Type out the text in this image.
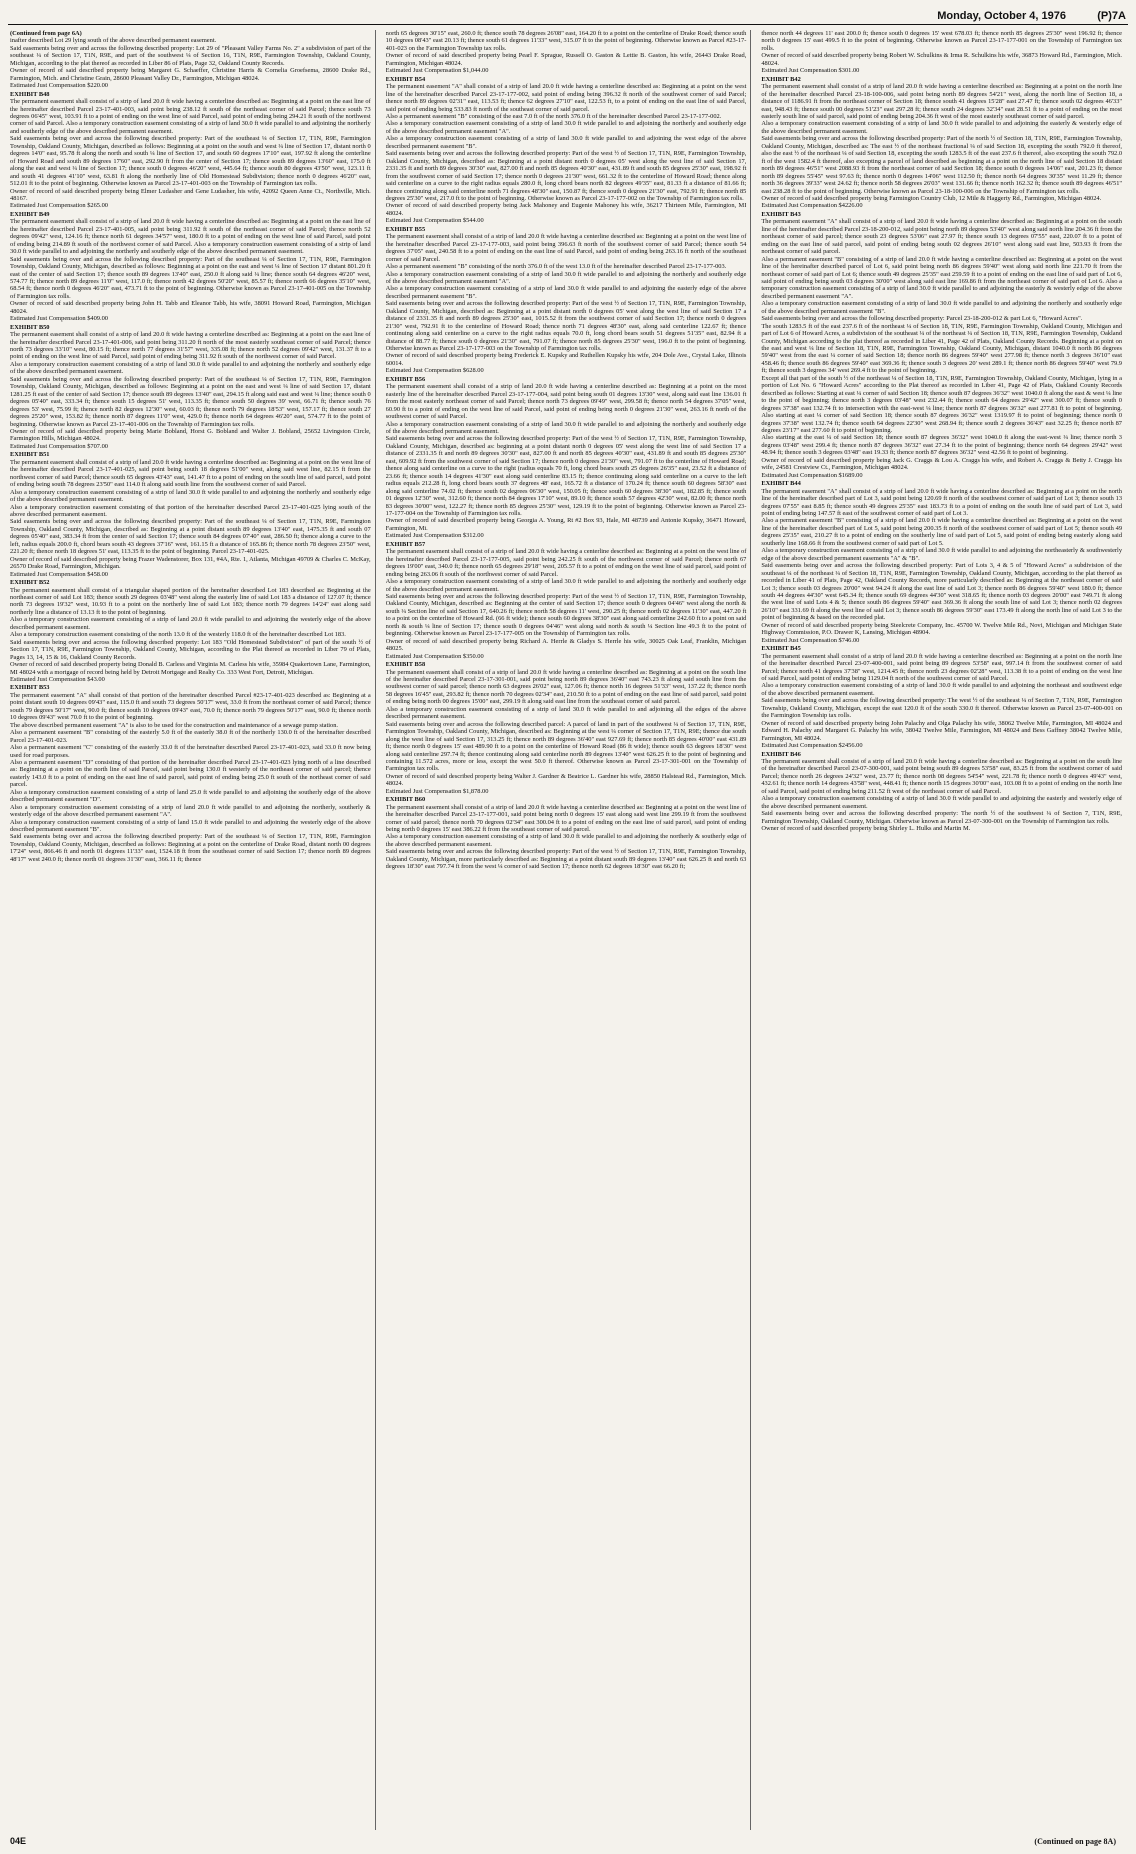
Monday, October 4, 1976	(P)7A

(Continued from page 6A)

inafter described Lot 29 lying south of the above described permanent easement.

Said easements being over and across the following described property: Lot 29 of "Pleasant Valley Farms No. 2" a subdivision of part of the southeast ¼ of Section 17, T1N, R9E, and part of the southwest ¼ of Section 16, T1N, R9E, Farmington Township, Oakland County, Michigan, according to the plat thereof as recorded in Liber 86 of Plats, Page 32, Oakland County Records.

Owner of record of said described property being Margaret G. Schaeffer, Christine Harris & Cornelia Groefsema, 28600 Drake Rd., Farmington, Mich. and Christine Grain, 28600 Pleasant Valley Dr., Farmington, Michigan 48024.

Estimated Just Compensation $220.00

EXHIBIT B48

The permanent easement shall consist of a strip of land 20.0 ft wide having a centerline described as: Beginning at a point on the east line of the hereinafter described Parcel 23-17-401-003, said point being 238.12 ft south of the northeast corner of said Parcel; thence south 73 degrees 06'45" west, 103.91 ft to a point of ending on the west line of said Parcel, said point of ending being 294.21 ft south of the northwest corner of said Parcel. Also a temporary construction easement consisting of a strip of land 30.0 ft wide parallel to and adjoining the northerly and southerly edge of the above described permanent easement.

Said easements being over and across the following described property: Part of the southeast ¼ of Section 17, T1N, R9E, Farmington Township, Oakland County, Michigan, described as follows: Beginning at a point on the south and west ¼ line of Section 17, distant north 0 degrees 14'0" east, 95.78 ft along the north and south ¼ line of Section 17, and south 60 degrees 17'10" east, 197.92 ft along the centerline of Howard Road and south 89 degrees 17'60" east, 292.90 ft from the center of Section 17; thence south 89 degrees 13'60" east, 175.0 ft along the east and west ¼ line of Section 17; thence south 0 degrees 46'20" west, 445.64 ft; thence south 80 degrees 43'50" west, 123.11 ft and south 41 degrees 41'10" west, 63.81 ft along the northerly line of Old Homestead Subdivision; thence north 0 degrees 46'20" east, 512.01 ft to the point of beginning. Otherwise known as Parcel 23-17-401-003 on the Township of Farmington tax rolls.

Owner of record of said described property being Elmer Ludasher and Gene Ludasher, his wife, 42092 Queen Anne Ct., Northville, Mich. 48167.

Estimated Just Compensation $265.00

EXHIBIT B49

The permanent easement shall consist of a strip of land 20.0 ft wide having a centerline described as: Beginning at a point on the east line of the hereinafter described Parcel 23-17-401-005, said point being 311.92 ft south of the northeast corner of said Parcel; thence north 52 degrees 09'42" west, 124.16 ft; thence north 61 degrees 34'57" west, 180.0 ft to a point of ending on the west line of said Parcel, said point of ending being 214.89 ft south of the northwest corner of said Parcel. Also a temporary construction easement consisting of a strip of land 30.0 ft wide parallel to and adjoining the northerly and southerly edge of the above described permanent easement.

Said easements being over and across the following described property: Part of the southeast ¼ of Section 17, T1N, R9E, Farmington Township, Oakland County, Michigan, described as follows: Beginning at a point on the east and west ¼ line of Section 17 distant 801.20 ft east of the center of said Section 17; thence south 89 degrees 13'40" east, 250.0 ft along said ¼ line; thence south 64 degrees 46'20" west, 574.77 ft; thence north 89 degrees 11'0" west, 117.0 ft; thence north 42 degrees 50'20" west, 85.57 ft; thence north 66 degrees 35'10" west, 68.54 ft; thence north 0 degrees 46'20" east, 473.71 ft to the point of beginning. Otherwise known as Parcel 23-17-401-005 on the Township of Farmington tax rolls.

Owner of record of said described property being John H. Tabb and Eleanor Tabb, his wife, 38091 Howard Road, Farmington, Michigan 48024.

Estimated Just Compensation $409.00

EXHIBIT B50

The permanent easement shall consist of a strip of land 20.0 ft wide having a centerline described as: Beginning at a point on the east line of the hereinafter described Parcel 23-17-401-006, said point being 311.20 ft north of the most easterly southeast corner of said Parcel; thence north 73 degrees 33'10" west, 80.15 ft; thence north 77 degrees 31'57" west, 335.08 ft; thence north 52 degrees 09'42" west, 131.37 ft to a point of ending on the west line of said Parcel, said point of ending being 311.92 ft south of the northwest corner of said Parcel.

Also a temporary construction easement consisting of a strip of land 30.0 ft wide parallel to and adjoining the northerly and southerly edge of the above described permanent easement.

Said easements being over and across the following described property: Part of the southeast ¼ of Section 17, T1N, R9E, Farmington Township, Oakland County, Michigan, described as follows: Beginning at a point on the east and west ¼ line of said Section 17, distant 1281.25 ft east of the center of said Section 17; thence south 89 degrees 13'40" east, 294.15 ft along said east and west ¼ line; thence south 0 degrees 05'40" east, 333.34 ft; thence south 15 degrees 51' west, 113.35 ft; thence south 50 degrees 39' west, 66.71 ft; thence south 76 degrees 53' west, 75.99 ft; thence north 82 degrees 12'30" west, 60.03 ft; thence north 79 degrees 18'53" west, 157.17 ft; thence south 27 degrees 25'20" west, 153.82 ft; thence north 87 degrees 11'0" west, 429.0 ft; thence north 64 degrees 46'20" east, 574.77 ft to the point of beginning. Otherwise known as Parcel 23-17-401-006 on the Township of Farmington tax rolls.

Owner of record of said described property being Marie Bobland, Horst G. Bobland and Walter J. Bobland, 25652 Livingston Circle, Farmington Hills, Michigan 48024.

Estimated Just Compensation $707.00

EXHIBIT B51

The permanent easement shall consist of a strip of land 20.0 ft wide having a centerline described as: Beginning at a point on the west line of the hereinafter described Parcel 23-17-401-025, said point being south 18 degrees 51'00" west, along said west line, 82.15 ft from the northwest corner of said Parcel; thence south 65 degrees 43'43" east, 141.47 ft to a point of ending on the south line of said parcel, said point of ending being south 78 degrees 23'50" east 114.0 ft along said south line from the southwest corner of said Parcel.

Also a temporary construction easement consisting of a strip of land 30.0 ft wide parallel to and adjoining the northerly and southerly edge of the above described permanent easement.

Also a temporary construction easement consisting of that portion of the hereinafter described Parcel 23-17-401-025 lying south of the above described permanent easement.

Said easements being over and across the following described property: Part of the southeast ¼ of Section 17, T1N, R9E, Farmington Township, Oakland County, Michigan, described as: Beginning at a point distant south 89 degrees 13'40" east, 1475.35 ft and south 07 degrees 05'40" east, 383.34 ft from the center of said Section 17; thence south 84 degrees 07'40" east, 286.50 ft; thence along a curve to the left, radius equals 200.0 ft, chord bears south 43 degrees 37'16" west, 161.15 ft a distance of 165.86 ft; thence north 78 degrees 23'50" west, 221.20 ft; thence north 18 degrees 51' east, 113.35 ft to the point of beginning. Parcel 23-17-401-025.

Owner of record of said described property being Frazer Wadenstorer, Box 131, #4A, Rte. 1, Atlanta, Michigan 49709 & Charles C. McKay, 26570 Drake Road, Farmington, Michigan.

Estimated Just Compensation $458.00

EXHIBIT B52

The permanent easement shall consist of a triangular shaped portion of the hereinafter described Lot 183 described as: Beginning at the northeast corner of said Lot 183; thence south 29 degrees 03'48" west along the easterly line of said Lot 183 a distance of 127.07 ft; thence north 73 degrees 19'32" west, 10.93 ft to a point on the northerly line of said Lot 183; thence north 79 degrees 14'24" east along said northerly line a distance of 13.13 ft to the point of beginning.

Also a temporary construction easement consisting of a strip of land 20.0 ft wide parallel to and adjoining the westerly edge of the above described permanent easement.

Also a temporary construction easement consisting of the north 13.0 ft of the westerly 118.0 ft of the hereinafter described Lot 183.

Said easements being over and across the following described property: Lot 183 "Old Homestead Subdivision" of part of the south ½ of Section 17, T1N, R9E, Farmington Township, Oakland County, Michigan, according to the Plat thereof as recorded in Liber 79 of Plats, Pages 13, 14, 15 & 16, Oakland County Records.

Owner of record of said described property being Donald B. Carless and Virginia M. Carless his wife, 35984 Quakertown Lane, Farmington, MI 48024 with a mortgage of record being held by Detroit Mortgage and Realty Co. 333 West Fort, Detroit, Michigan.

Estimated Just Compensation $43.00

EXHIBIT B53

The permanent easement "A" shall consist of that portion of the hereinafter described Parcel #23-17-401-023 described as: Beginning at a point distant south 10 degrees 09'43" east, 115.0 ft and south 73 degrees 50'17" west, 33.0 ft from the northeast corner of said Parcel; thence south 79 degrees 50'17" west, 90.0 ft; thence south 10 degrees 09'43" east, 70.0 ft; thence north 79 degrees 50'17" east, 90.0 ft; thence north 10 degrees 09'43" west 70.0 ft to the point of beginning.

The above described permanent easement "A" is also to be used for the construction and maintenance of a sewage pump station.

Also a permanent easement "B" consisting of the easterly 5.0 ft of the easterly 38.0 ft of the northerly 130.0 ft of the hereinafter described Parcel 23-17-401-023.

Also a permanent easement "C" consisting of the easterly 33.0 ft of the hereinafter described Parcel 23-17-401-023, said 33.0 ft now being used for road purposes.

Also a permanent easement "D" consisting of that portion of the hereinafter described Parcel 23-17-401-023 lying north of a line described as: Beginning at a point on the north line of said Parcel, said point being 130.0 ft westerly of the northeast corner of said parcel; thence easterly 143.0 ft to a point of ending on the east line of said parcel, said point of ending being 25.0 ft south of the northeast corner of said parcel.

Also a temporary construction easement consisting of a strip of land 25.0 ft wide parallel to and adjoining the southerly edge of the above described permanent easement "D".

Also a temporary construction easement consisting of a strip of land 20.0 ft wide parallel to and adjoining the northerly, southerly & westerly edge of the above described permanent easement "A".

Also a temporary construction easement consisting of a strip of land 15.0 ft wide parallel to and adjoining the westerly edge of the above described permanent easement "B".

Said easements being over and across the following described property: Part of the southeast ¼ of Section 17, T1N, R9E, Farmington Township, Oakland County, Michigan, described as follows: Beginning at a point on the centerline of Drake Road, distant north 00 degrees 17'24" west, 866.46 ft and north 01 degrees 11'33" east, 1524.18 ft from the southeast corner of said Section 17; thence north 89 degrees 48'17" west 240.0 ft; thence north 01 degrees 31'30" east, 366.11 ft; thence

north 65 degrees 30'15" east, 260.0 ft; thence south 78 degrees 26'08" east, 164.20 ft to a point on the centerline of Drake Road; thence south 10 degrees 08'43" east 20.13 ft; thence south 61 degrees 11'33" west, 315.07 ft to the point of beginning. Otherwise known as Parcel #23-17-401-023 on the Farmington Township tax rolls.

Owner of record of said described property being Pearl F. Sprague, Russell O. Gaston & Lettie B. Gaston, his wife, 26443 Drake Road, Farmington, Michigan 48024.

Estimated Just Compensation $1,044.00

EXHIBIT B54

The permanent easement "A" shall consist of a strip of land 20.0 ft wide having a centerline described as: Beginning at a point on the west line of the hereinafter described Parcel 23-17-177-002, said point of ending being 396.32 ft north of the southwest corner of said Parcel; thence north 89 degrees 02'31" east, 113.53 ft; thence 62 degrees 27'10" east, 122.53 ft, to a point of ending on the east line of said Parcel, said point of ending being 533.83 ft north of the southeast corner of said parcel.

Also a permanent easement "B" consisting of the east 7.0 ft of the north 376.0 ft of the hereinafter described Parcel 23-17-177-002.

Also a temporary construction easement consisting of a strip of land 30.0 ft wide parallel to and adjoining the northerly and southerly edge of the above described permanent easement "A".

Also a temporary construction easement consisting of a strip of land 30.0 ft wide parallel to and adjoining the west edge of the above described permanent easement "B".

Said easements being over and across the following described property: Part of the west ½ of Section 17, T1N, R9E, Farmington Township, Oakland County, Michigan, described as: Beginning at a point distant north 0 degrees 05' west along the west line of said Section 17, 2331.35 ft and north 89 degrees 30'30" east, 827.00 ft and north 85 degrees 40'30" east, 431.89 ft and south 85 degrees 25'30" east, 198.92 ft from the southwest corner of said Section 17; thence north 0 degrees 21'30" west, 661.32 ft to the centerline of Howard Road; thence along said centerline on a curve to the right radius equals 280.0 ft, long chord bears north 82 degrees 49'35" east, 81.33 ft a distance of 81.66 ft; thence continuing along said centerline north 71 degrees 48'30" east, 150.87 ft; thence south 0 degrees 21'30" east, 792.91 ft; thence north 85 degrees 25'30" west, 217.0 ft to the point of beginning. Otherwise known as Parcel 23-17-177-002 on the Township of Farmington tax rolls.

Owner of record of said described property being Jack Mahoney and Eugenie Mahoney his wife, 36217 Thirteen Mile, Farmington, MI 48024.

Estimated Just Compensation $544.00

EXHIBIT B55

The permanent easement shall consist of a strip of land 20.0 ft wide having a centerline described as: Beginning at a point on the west line of the hereinafter described Parcel 23-17-177-003, said point being 396.63 ft north of the southwest corner of said Parcel; thence south 54 degrees 37'05" east, 240.58 ft to a point of ending on the east line of said Parcel, said point of ending being 263.16 ft north of the southeast corner of said Parcel.

Also a permanent easement "B" consisting of the north 376.0 ft of the west 13.0 ft of the hereinafter described Parcel 23-17-177-003.

Also a temporary construction easement consisting of a strip of land 30.0 ft wide parallel to and adjoining the northerly and southerly edge of the above described permanent easement "A".

Also a temporary construction easement consisting of a strip of land 30.0 ft wide parallel to and adjoining the easterly edge of the above described permanent easement "B".

Said easements being over and across the following described property: Part of the west ½ of Section 17, T1N, R9E, Farmington Township, Oakland County, Michigan, described as: Beginning at a point distant north 0 degrees 05' west along the west line of said Section 17 a distance of 2331.35 ft and north 89 degrees 25'30" east, 1015.52 ft from the southwest corner of said Section 17; thence north 0 degrees 21'30" west, 792.91 ft to the centerline of Howard Road; thence north 71 degrees 48'30" east, along said centerline 122.67 ft; thence continuing along said centerline on a curve to the right radius equals 70.0 ft, long chord bears south 51 degrees 51'35" east, 82.94 ft a distance of 88.77 ft; thence south 0 degrees 21'30" east, 791.07 ft; thence north 85 degrees 25'30" west, 196.0 ft to the point of beginning. Otherwise known as Parcel 23-17-177-003 on the Township of Farmington tax rolls.

Owner of record of said described property being Frederick E. Kupsky and Ruthellen Kupsky his wife, 204 Dole Ave., Crystal Lake, Illinois 60014.

Estimated Just Compensation $628.00

EXHIBIT B56

The permanent easement shall consist of a strip of land 20.0 ft wide having a centerline described as: Beginning at a point on the most easterly line of the hereinafter described Parcel 23-17-177-004, said point being south 01 degrees 13'30" west, along said east line 136.01 ft from the most easterly northeast corner of said Parcel; thence north 73 degrees 09'49" west, 299.58 ft; thence north 54 degrees 37'05" west, 60.90 ft to a point of ending on the west line of said Parcel, said point of ending being north 0 degrees 21'30" west, 263.16 ft north of the southwest corner of said Parcel.

Also a temporary construction easement consisting of a strip of land 30.0 ft wide parallel to and adjoining the northerly and southerly edge of the above described permanent easement.

Said easements being over and across the following described property: Part of the west ½ of Section 17, T1N, R9E, Farmington Township, Oakland County, Michigan, described as: beginning at a point distant north 0 degrees 05' west along the west line of said Section 17 a distance of 2331.35 ft and north 89 degrees 30'30" east, 827.00 ft and north 85 degrees 40'30" east, 431.89 ft and south 85 degrees 25'30" east, 609.92 ft from the southwest corner of said Section 17; thence north 0 degrees 21'30" west, 791.07 ft to the centerline of Howard Road; thence along said centerline on a curve to the right (radius equals 70 ft, long chord bears south 25 degrees 26'35" east, 23.52 ft a distance of 23.66 ft; thence south 14 degrees 41'30" east along said centerline 83.15 ft; thence continuing along said centerline on a curve to the left radius equals 212.28 ft, long chord bears south 37 degrees 48' east, 165.72 ft a distance of 170.24 ft; thence south 60 degrees 58'30" east along said centerline 74.02 ft; thence south 02 degrees 06'30" west, 150.05 ft; thence south 60 degrees 38'30" east, 182.85 ft; thence south 01 degrees 12'30" west, 312.60 ft; thence north 84 degrees 17'10" west, 89.10 ft; thence south 57 degrees 42'30" west, 82.00 ft; thence north 83 degrees 30'00" west, 122.27 ft; thence north 85 degrees 25'30" west, 129.19 ft to the point of beginning. Otherwise known as Parcel 23-17-177-004 on the Township of Farmington tax rolls.

Owner of record of said described property being Georgia A. Young, Rt #2 Box 93, Hale, MI 48739 and Antonie Kupsky, 36471 Howard, Farmington, Mi.

Estimated Just Compensation $312.00

EXHIBIT B57

The permanent easement shall consist of a strip of land 20.0 ft wide having a centerline described as: Beginning at a point on the west line of the hereinafter described Parcel 23-17-177-005, said point being 242.25 ft south of the northwest corner of said Parcel; thence north 67 degrees 19'00" east, 340.0 ft; thence north 65 degrees 29'18" west, 205.57 ft to a point of ending on the west line of said parcel, said point of ending being 263.06 ft south of the northwest corner of said Parcel.

Also a temporary construction easement consisting of a strip of land 30.0 ft wide parallel to and adjoining the northerly and southerly edge of the above described permanent easement.

Said easements being over and across the following described property: Part of the west ½ of Section 17, T1N, R9E, Farmington Township, Oakland County, Michigan, described as: Beginning at the center of said Section 17; thence south 0 degrees 04'46" west along the north & south ¼ Section line of said Section 17, 640.26 ft; thence north 58 degrees 11' west, 290.25 ft; thence north 02 degrees 11'30" east, 447.20 ft to a point on the centerline of Howard Rd. (66 ft wide); thence south 60 degrees 38'30" east along said centerline 242.60 ft to a point on said north & south ¼ line of Section 17; thence south 0 degrees 04'46" west along said north & south ¼ Section line 49.3 ft to the point of beginning. Otherwise known as Parcel 23-17-177-005 on the Township of Farmington tax rolls.

Owner of record of said described property being Richard A. Herrle & Gladys S. Herrle his wife, 30025 Oak Leaf, Franklin, Michigan 48025.

Estimated Just Compensation $350.00

EXHIBIT B58

The permanent easement shall consist of a strip of land 20.0 ft wide having a centerline described as: Beginning at a point on the south line of the hereinafter described Parcel 23-17-301-001, said point being north 89 degrees 36'40" east 743.23 ft along said south line from the southwest corner of said parcel; thence north 63 degrees 26'02" east, 127.06 ft; thence north 16 degrees 51'33" west, 137.22 ft; thence north 58 degrees 16'45" east, 293.82 ft; thence north 70 degrees 02'34" east, 210.50 ft to a point of ending on the east line of said parcel, said point of ending being north 00 degrees 15'00" east, 299.19 ft along said east line from the southeast corner of said parcel.

Also a temporary construction easement consisting of a strip of land 30.0 ft wide parallel to and adjoining all the edges of the above described permanent easement.

Said easements being over and across the following described parcel: A parcel of land in part of the southwest ¼ of Section 17, T1N, R9E, Farmington Township, Oakland County, Michigan, described as: Beginning at the west ¼ corner of Section 17, T1N, R9E; thence due south along the west line of said Section 17, 313.25 ft; thence north 89 degrees 36'40" east 927.69 ft; thence north 85 degrees 40'00" east 431.89 ft; thence north 0 degrees 15' east 489.90 ft to a point on the centerline of Howard Road (86 ft wide); thence south 63 degrees 18'30" west along said centerline 297.74 ft; thence continuing along said centerline north 89 degrees 13'40" west 626.25 ft to the point of beginning and containing 11.572 acres, more or less, except the west 50.0 ft thereof. Otherwise known as Parcel 23-17-301-001 on the Township of Farmington tax rolls.

Owner of record of said described property being Walter J. Gardner & Beatrice L. Gardner his wife, 28850 Halstead Rd., Farmington, Mich. 48024.

Estimated Just Compensation $1,878.00

EXHIBIT B60

The permanent easement shall consist of a strip of land 20.0 ft wide having a centerline described as: Beginning at a point on the west line of the hereinafter described Parcel 23-17-177-001, said point being north 0 degrees 15' east along said west line 299.19 ft from the southwest corner of said parcel; thence north 70 degrees 02'34" east 300.04 ft to a point of ending on the east line of said parcel, said point of ending being north 0 degrees 15' east 386.22 ft from the southeast corner of said parcel.

Also a temporary construction easement consisting of a strip of land 30.0 ft wide parallel to and adjoining the northerly & southerly edge of the above described permanent easement.

Said easements being over and across the following described property: Part of the west ½ of Section 17, T1N, R9E, Farmington Township, Oakland County, Michigan, more particularly described as: Beginning at a point distant south 89 degrees 13'40" east 626.25 ft and north 63 degrees 18'30" east 797.74 ft from the west ¼ corner of said Section 17; thence north 62 degrees 18'30" east 66.20 ft;

thence north 44 degrees 11' east 200.0 ft; thence south 0 degrees 15' west 678.03 ft; thence north 85 degrees 25'30" west 196.92 ft; thence north 0 degrees 15' east 499.5 ft to the point of beginning. Otherwise known as Parcel 23-17-177-001 on the Township of Farmington tax rolls.

Owner of record of said described property being Robert W. Schulkins & Irma R. Schulkins his wife, 36873 Howard Rd., Farmington, Mich. 48024.

Estimated Just Compensation $301.00

EXHIBIT B42

The permanent easement shall consist of a strip of land 20.0 ft wide having a centerline described as: Beginning at a point on the north line of the hereinafter described Parcel 23-18-100-006, said point being north 89 degrees 54'21" west, along the north line of Section 18, a distance of 1186.91 ft from the northeast corner of Section 18; thence south 41 degrees 15'28" east 27.47 ft; thence south 02 degrees 46'33" east, 948.43 ft; thence south 00 degrees 51'23" east 297.28 ft; thence south 24 degrees 32'34" east 28.51 ft to a point of ending on the most easterly south line of said parcel, said point of ending being 204.36 ft west of the most easterly southeast corner of said parcel.

Also a temporary construction easement consisting of a strip of land 30.0 ft wide parallel to and adjoining the easterly & westerly edge of the above described permanent easement.

Said easements being over and across the following described property: Part of the north ½ of Section 18, T1N, R9E, Farmington Township, Oakland County, Michigan, described as: The east ½ of the northeast fractional ¼ of said Section 18, excepting the south 792.0 ft thereof, also the east ½ of the northeast ¼ of said Section 18, excepting the south 1283.5 ft of the east 237.6 ft thereof, also excepting the south 792.0 ft of the west 1582.4 ft thereof, also excepting a parcel of land described as beginning at a point on the north line of said Section 18 distant north 89 degrees 46'51" west 2088.93 ft from the northeast corner of said Section 18; thence south 0 degrees 14'06" east, 201.23 ft; thence north 89 degrees 55'45" west 97.63 ft; thence north 0 degrees 14'06" west 112.50 ft; thence north 64 degrees 30'35" west 11.29 ft; thence north 36 degrees 39'33" west 24.62 ft; thence north 58 degrees 26'03" west 131.66 ft; thence north 162.32 ft; thence south 89 degrees 46'51" east 238.28 ft to the point of beginning. Otherwise known as Parcel 23-18-100-006 on the Township of Farmington tax rolls.

Owner of record of said described property being Farmington Country Club, 12 Mile & Haggerty Rd., Farmington, Michigan 48024.

Estimated Just Compensation $4226.00

EXHIBIT B43

The permanent easement "A" shall consist of a strip of land 20.0 ft wide having a centerline described as: Beginning at a point on the south line of the hereinafter described Parcel 23-18-200-012, said point being north 89 degrees 53'40" west along said north line 204.36 ft from the northeast corner of said parcel; thence south 23 degrees 53'06" east 27.97 ft; thence south 13 degrees 07'55" east, 220.07 ft to a point of ending on the east line of said parcel, said point of ending being south 02 degrees 26'10" west along said east line, 503.93 ft from the northeast corner of said parcel.

Also a permanent easement "B" consisting of a strip of land 20.0 ft wide having a centerline described as: Beginning at a point on the west line of the hereinafter described parcel of Lot 6, said point being north 86 degrees 59'40" west along said north line 221.70 ft from the northeast corner of said part of Lot 6; thence south 49 degrees 25'35" east 259.59 ft to a point of ending on the east line of said part of Lot 6, said point of ending being south 03 degrees 30'00" west along said east line 169.86 ft from the northeast corner of said part of Lot 6. Also a temporary construction easement consisting of a strip of land 30.0 ft wide parallel to and adjoining the easterly & westerly edge of the above described permanent easement "A".

Also a temporary construction easement consisting of a strip of land 30.0 ft wide parallel to and adjoining the northerly and southerly edge of the above described permanent easement "B".

Said easements being over and across the following described property: Parcel 23-18-200-012 & part Lot 6, "Howard Acres".

The south 1283.5 ft of the east 237.6 ft of the northeast ¼ of Section 18, T1N, R9E, Farmington Township, Oakland County, Michigan and part of Lot 6 of Howard Acres, a subdivision of the southeast ¼ of the northeast ¼ of Section 18, T1N, R9E, Farmington Township, Oakland County, Michigan according to the plat thereof as recorded in Liber 41, Page 42 of Plats, Oakland County Records. Beginning at a point on the east and west ¼ line of Section 18, T1N, R9E, Farmington Township, Oakland County, Michigan, distant 1040.0 ft north 86 degrees 59'40" west from the east ¼ corner of said Section 18; thence north 86 degrees 59'40" west 277.98 ft; thence north 3 degrees 36'10" east 458.46 ft; thence south 86 degrees 59'40" east 369.36 ft; thence south 3 degrees 20' west 289.1 ft; thence north 86 degrees 59'40" west 79.9 ft; thence south 3 degrees 34' west 269.4 ft to the point of beginning.

Except all that part of the south ½ of the northeast ¼ of Section 18, T1N, R9E, Farmington Township, Oakland County, Michigan, lying in a portion of Lot No. 6 "Howard Acres" according to the Plat thereof as recorded in Liber 41, Page 42 of Plats, Oakland County Records described as follows: Starting at east ¼ corner of said Section 18; thence south 87 degrees 36'32" west 1040.0 ft along the east & west ¼ line to the point of beginning; thence north 3 degrees 03'48" west 232.44 ft; thence south 64 degrees 29'42" west 300.07 ft; thence south 0 degrees 37'38" east 132.74 ft to intersection with the east-west ¼ line; thence north 87 degrees 36'32" east 277.81 ft to point of beginning. Also starting at east ¼ corner of said Section 18; thence south 87 degrees 36'32" west 1319.97 ft to point of beginning; thence north 0 degrees 37'38" west 132.74 ft; thence south 64 degrees 22'30" west 268.94 ft; thence south 2 degrees 36'43" east 32.25 ft; thence north 87 degrees 23'17" east 277.60 ft to point of beginning.

Also starting at the east ¼ of said Section 18; thence south 87 degrees 36'32" west 1040.0 ft along the east-west ¼ line; thence north 3 degrees 03'48" west 299.4 ft; thence north 87 degrees 36'32" east 27.34 ft to the point of beginning; thence north 64 degrees 29'42" west 48.94 ft; thence south 3 degrees 03'48" east 19.33 ft; thence north 87 degrees 36'32" west 42.56 ft to point of beginning.

Owner of record of said described property being Jack G. Craggs & Lou A. Craggs his wife, and Robert A. Craggs & Betty J. Craggs his wife, 24581 Crestview Ct., Farmington, Michigan 48024.

Estimated Just Compensation $1689.00

EXHIBIT B44

The permanent easement "A" shall consist of a strip of land 20.0 ft wide having a centerline described as: Beginning at a point on the north line of the hereinafter described part of Lot 3, said point being 120.69 ft north of the southwest corner of said part of Lot 3; thence south 13 degrees 07'55" east 8.85 ft; thence south 49 degrees 25'35" east 183.73 ft to a point of ending on the south line of said part of Lot 3, said point of ending being 147.57 ft east of the southwest corner of said part of Lot 3.

Also a permanent easement "B" consisting of a strip of land 20.0 ft wide having a centerline described as: Beginning at a point on the west line of the hereinafter described part of Lot 5, said point being 200.35 ft north of the southwest corner of said part of Lot 5; thence south 49 degrees 25'35" east, 210.27 ft to a point of ending on the southerly line of said part of Lot 5, said point of ending being easterly along said southerly line 168.66 ft from the southwest corner of said part of Lot 5.

Also a temporary construction easement consisting of a strip of land 30.0 ft wide parallel to and adjoining the northeasterly & southwesterly edge of the above described permanent easements "A" & "B".

Said easements being over and across the following described property: Part of Lots 3, 4 & 5 of "Howard Acres" a subdivision of the southeast ¼ of the northeast ¼ of Section 18, T1N, R9E, Farmington Township, Oakland County, Michigan, according to the plat thereof as recorded in Liber 41 of Plats, Page 42, Oakland County Records, more particularly described as: Beginning at the northeast corner of said Lot 3; thence south 03 degrees 20'00" west 94.24 ft along the east line of said Lot 3; thence north 86 degrees 59'40" west 180.0 ft; thence south 44 degrees 44'30" west 645.34 ft; thence south 69 degrees 44'30" west 318.65 ft; thence north 03 degrees 20'00" east 749.71 ft along the west line of said Lots 4 & 5; thence south 86 degrees 59'40" east 369.36 ft along the south line of said Lot 3; thence north 02 degrees 26'10" east 331.69 ft along the west line of said Lot 3; thence south 86 degrees 59'30" east 173.49 ft along the north line of said Lot 3 to the point of beginning & based on the recorded plat.

Owner of record of said described property being Steelcrete Company, Inc. 45700 W. Twelve Mile Rd., Novi, Michigan and Michigan State Highway Commission, P.O. Drawer K, Lansing, Michigan 48904.

Estimated Just Compensation $746.00

EXHIBIT B45

The permanent easement shall consist of a strip of land 20.0 ft wide having a centerline described as: Beginning at a point on the north line of the hereinafter described Parcel 23-07-400-001, said point being 89 degrees 53'58" east, 997.14 ft from the southwest corner of said Parcel; thence north 41 degrees 37'38" west, 1214.45 ft; thence north 23 degrees 02'28" west, 113.38 ft to a point of ending on the west line of said Parcel, said point of ending being 1129.04 ft north of the southwest corner of said Parcel.

Also a temporary construction easement consisting of a strip of land 30.0 ft wide parallel to and adjoining the northeast and southwest edge of the above described permanent easement.

Said easements being over and across the following described property: The west ½ of the southeast ¼ of Section 7, T1N, R9E, Farmington Township, Oakland County, Michigan, except the east 120.0 ft of the south 330.0 ft thereof. Otherwise known as Parcel 23-07-400-001 on the Farmington Township tax rolls.

Owner of record of said described property being John Palachy and Olga Palachy his wife, 38062 Twelve Mile, Farmington, MI 48024 and Edward H. Palachy and Margaret G. Palachy his wife, 38042 Twelve Mile, Farmington, MI 48024 and Bess Gaffney 38042 Twelve Mile, Farmington, MI 48024.

Estimated Just Compensation $2456.00

EXHIBIT B46

The permanent easement shall consist of a strip of land 20.0 ft wide having a centerline described as: Beginning at a point on the south line of the hereinafter described Parcel 23-07-300-001, said point being south 89 degrees 53'58" east, 83.25 ft from the southwest corner of said Parcel; thence north 26 degrees 24'32" west, 23.77 ft; thence north 08 degrees 54'54" west, 221.78 ft; thence north 0 degrees 49'43" west, 432.61 ft; thence north 14 degrees 43'58" west, 448.41 ft; thence north 15 degrees 30'00" east, 103.08 ft to a point of ending on the north line of said Parcel, said point of ending being 211.52 ft west of the northeast corner of said Parcel.

Also a temporary construction easement consisting of a strip of land 30.0 ft wide parallel to and adjoining the easterly and westerly edge of the above described permanent easement.

Said easements being over and across the following described property: The north ½ of the southwest ¼ of Section 7, T1N, R9E, Farmington Township, Oakland County, Michigan. Otherwise known as Parcel 23-07-300-001 on the Township of Farmington tax rolls.

Owner of record of said described property being Shirley L. Hulks and Martin M.

04E	(Continued on page 8A)
